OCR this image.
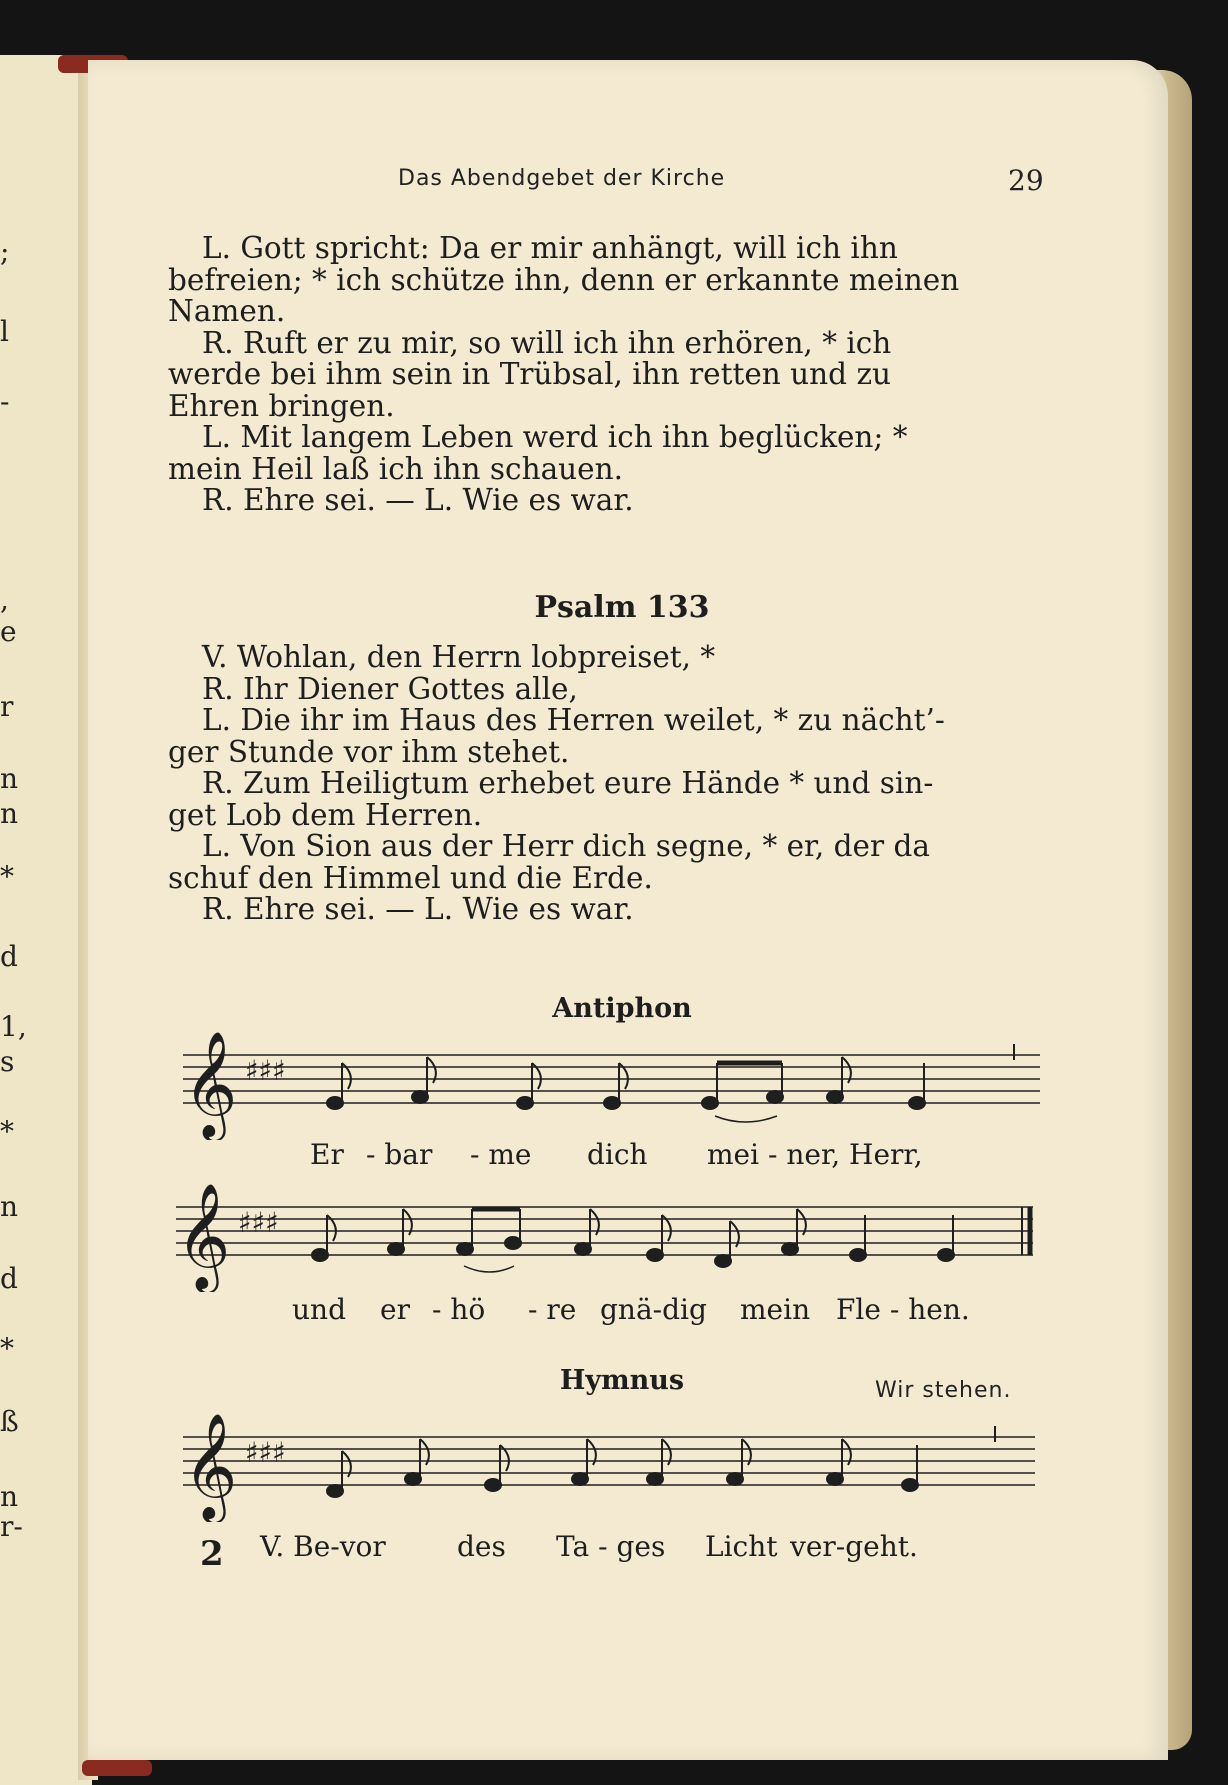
;
l
-
,
e
r
n
n
*
d
1,
s
*
n
d
*
ß
n
r-
Das Abendgebet der Kirche	29
L. Gott spricht: Da er mir anhängt, will ich ihn
befreien; * ich schütze ihn, denn er erkannte meinen
Namen.
R. Ruft er zu mir, so will ich ihn erhören, * ich
werde bei ihm sein in Trübsal, ihn retten und zu
Ehren bringen.
L. Mit langem Leben werd ich ihn beglücken; *
mein Heil laß ich ihn schauen.
R. Ehre sei. — L. Wie es war.
Psalm 133
V. Wohlan, den Herrn lobpreiset, *
R. Ihr Diener Gottes alle,
L. Die ihr im Haus des Herren weilet, * zu nächt’-
ger Stunde vor ihm stehet.
R. Zum Heiligtum erhebet eure Hände * und sin-
get Lob dem Herren.
L. Von Sion aus der Herr dich segne, * er, der da
schuf den Himmel und die Erde.
R. Ehre sei. — L. Wie es war.
Antiphon
𝄞 ♯♯♯
Er - bar - me dich mei - ner, Herr,
𝄞 ♯♯♯
und er - hö - re gnä-dig mein Fle - hen.
Hymnus	Wir stehen.
𝄞 ♯♯♯
2 V. Be-vor	des Ta - ges Licht ver-geht.
